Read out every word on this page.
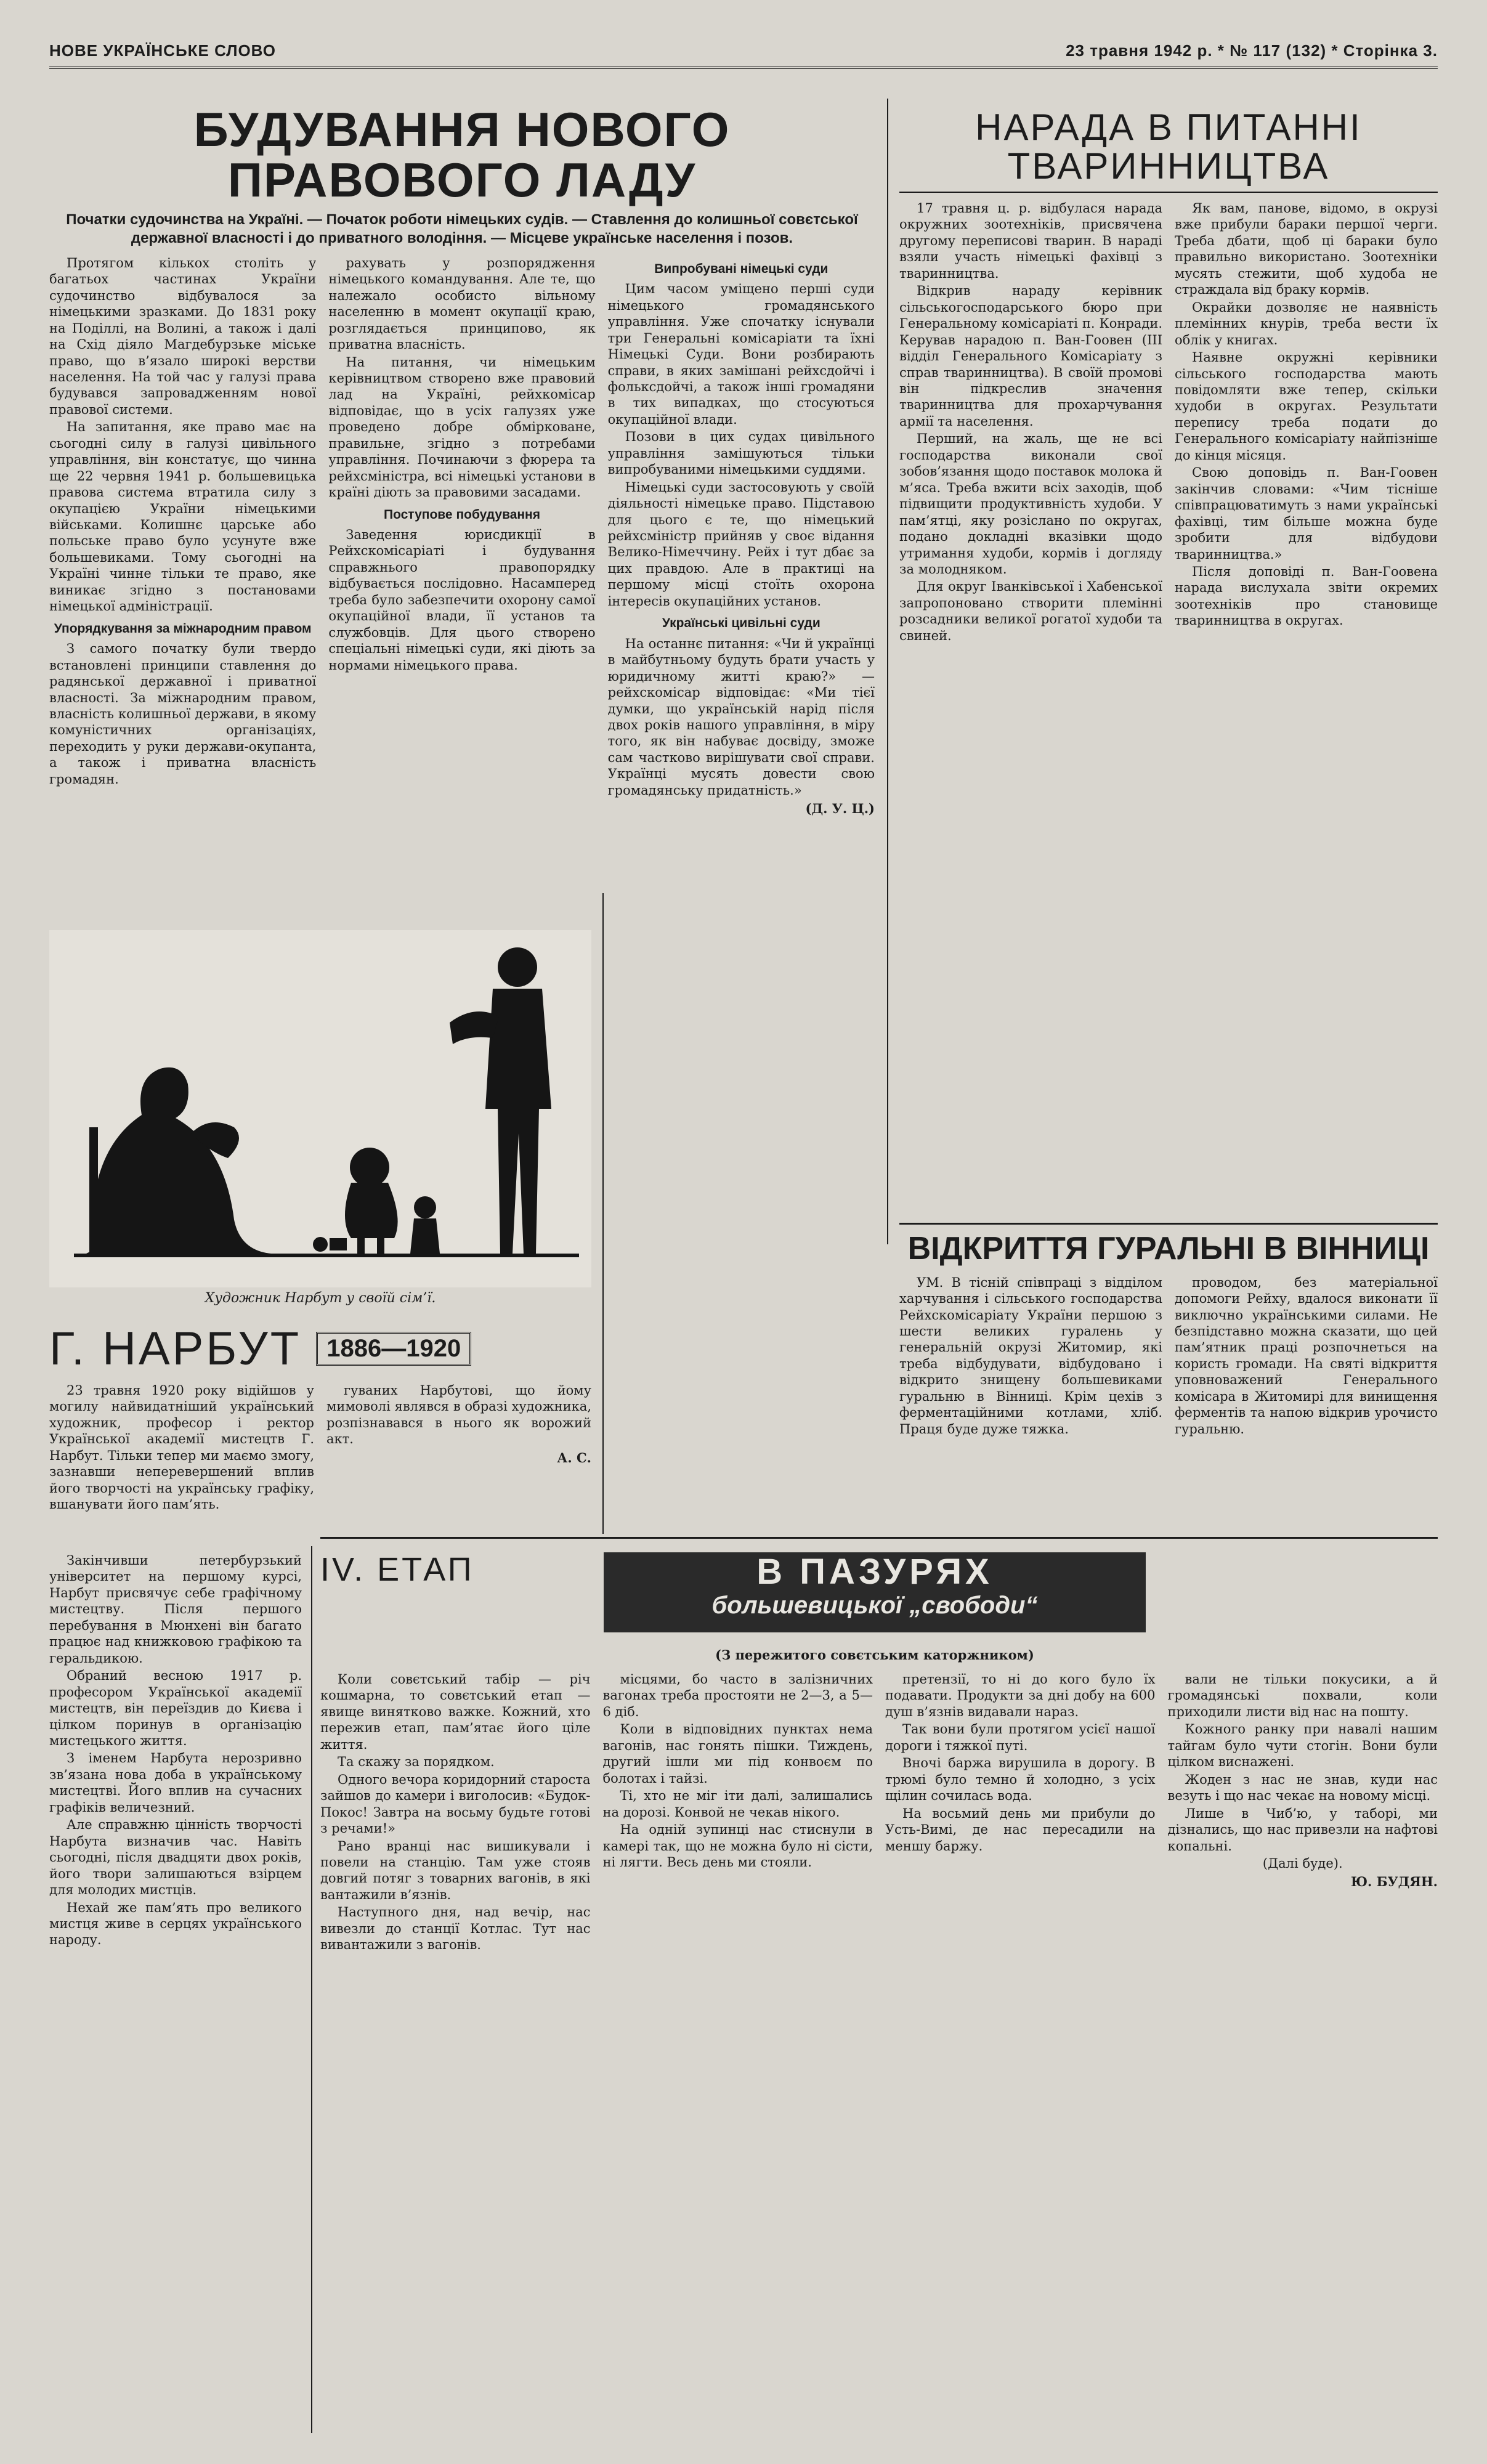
НОВЕ УКРАЇНСЬКЕ СЛОВО	23 травня 1942 р. * № 117 (132) * Сторінка 3.
БУДУВАННЯ НОВОГО ПРАВОВОГО ЛАДУ
Початки судочинства на Україні. — Початок роботи німецьких судів. — Ставлення до колишньої совєтської державної власності і до приватного володіння. — Місцеве українське населення і позов.

Протягом кількох століть у багатьох частинах України судочинство відбувалося за німецькими зразками. До 1831 року на Поділлі, на Волині, а також і далі на Схід діяло Магдебурзьке міське право, що в’язало широкі верстви населення. На той час у галузі права будувався запровадженням нової правової системи.

На запитання, яке право має на сьогодні силу в галузі цивільного управління, він констатує, що чинна ще 22 червня 1941 р. большевицька правова система втратила силу з окупацією України німецькими військами. Колишнє царське або польське право було усунуте вже большевиками. Тому сьогодні на Україні чинне тільки те право, яке виникає згідно з постановами німецької адміністрації.

Упорядкування за міжнародним правом

З самого початку були твердо встановлені принципи ставлення до радянської державної і приватної власності. За міжнародним правом, власність колишньої держави, в якому комуністичних організаціях, переходить у руки держави-окупанта, а також і приватна власність громадян.

рахувать у розпорядження німецького командування. Але те, що належало особисто вільному населенню в момент окупації краю, розглядається принципово, як приватна власність.

На питання, чи німецьким керівництвом створено вже правовий лад на Україні, рейхкомісар відповідає, що в усіх галузях уже проведено добре обмірковане, правильне, згідно з потребами управління. Починаючи з фюрера та рейхсміністра, всі німецькі установи в країні діють за правовими засадами.

Поступове побудування

Заведення юрисдикції в Рейхскомісаріаті і будування справжнього правопорядку відбувається послідовно. Насамперед треба було забезпечити охорону самої окупаційної влади, її установ та службовців. Для цього створено спеціальні німецькі суди, які діють за нормами німецького права.

Випробувані німецькі суди

Цим часом уміщено перші суди німецького громадянського управління. Уже спочатку існували три Генеральні комісаріати та їхні Німецькі Суди. Вони розбирають справи, в яких замішані рейхсдойчі і фольксдойчі, а також інші громадяни в тих випадках, що стосуються окупаційної влади.

Позови в цих судах цивільного управління замішуються тільки випробуваними німецькими суддями.

Німецькі суди застосовують у своїй діяльності німецьке право. Підставою для цього є те, що німецький рейхсміністр прийняв у своє відання Велико-Німеччину. Рейх і тут дбає за цих правдою. Але в практиці на першому місці стоїть охорона інтересів окупаційних установ.

Українські цивільні суди

На останнє питання: «Чи й українці в майбутньому будуть брати участь у юридичному житті краю?» — рейхскомісар відповідає: «Ми тієї думки, що українській нарід після двох років нашого управління, в міру того, як він набуває досвіду, зможе сам частково вирішувати свої справи. Українці мусять довести свою громадянську придатність.»

(Д. У. Ц.)
НАРАДА В ПИТАННІ ТВАРИННИЦТВА

17 травня ц. р. відбулася нарада окружних зоотехніків, присвячена другому переписові тварин. В нараді взяли участь німецькі фахівці з тваринництва.

Відкрив нараду керівник сільськогосподарського бюро при Генеральному комісаріаті п. Конради. Керував нарадою п. Ван-Гоовен (ІІІ відділ Генерального Комісаріату з справ тваринництва). В своїй промові він підкреслив значення тваринництва для прохарчування армії та населення.

Перший, на жаль, ще не всі господарства виконали свої зобов’язання щодо поставок молока й м’яса. Треба вжити всіх заходів, щоб підвищити продуктивність худоби. У пам’ятці, яку розіслано по округах, подано докладні вказівки щодо утримання худоби, кормів і догляду за молодняком.

Для округ Іванківської і Хабенської запропоновано створити племінні розсадники великої рогатої худоби та свиней.

Як вам, панове, відомо, в окрузі вже прибули бараки першої черги. Треба дбати, щоб ці бараки було правильно використано. Зоотехніки мусять стежити, щоб худоба не страждала від браку кормів.

Окрайки дозволяє не наявність племінних кнурів, треба вести їх облік у книгах.

Наявне окружні керівники сільського господарства мають повідомляти вже тепер, скільки худоби в округах. Результати перепису треба подати до Генерального комісаріату найпізніше до кінця місяця.

Свою доповідь п. Ван-Гоовен закінчив словами: «Чим тісніше співпрацюватимуть з нами українські фахівці, тим більше можна буде зробити для відбудови тваринництва.»

Після доповіді п. Ван-Гоовена нарада вислухала звіти окремих зоотехніків про становище тваринництва в округах.

ВІДКРИТТЯ ГУРАЛЬНІ В ВІННИЦІ

УМ. В тісній співпраці з відділом харчування і сільського господарства Рейхскомісаріату України першою з шести великих гуралень у генеральній окрузі Житомир, які треба відбудувати, відбудовано і відкрито знищену большевиками гуральню в Вінниці. Крім цехів з ферментаційними котлами, хліб. Праця буде дуже тяжка.

проводом, без матеріальної допомоги Рейху, вдалося виконати її виключно українськими силами. Не безпідставно можна сказати, що цей пам’ятник праці розпочнеться на користь громади. На святі відкриття уповноважений Генерального комісара в Житомирі для винищення ферментів та напою відкрив урочисто гуральню.

Художник Нарбут у своїй сім’ї.
Г. НАРБУТ	1886—1920

23 травня 1920 року відійшов у могилу найвидатніший український художник, професор і ректор Української академії мистецтв Г. Нарбут. Тільки тепер ми маємо змогу, зазнавши неперевершений вплив його творчості на українську графіку, вшанувати його пам’ять.

гуваних Нарбутові, що йому мимоволі являвся в образі художника, розпізнавався в нього як ворожий акт.

А. С.

Закінчивши петербурзький університет на першому курсі, Нарбут присвячує себе графічному мистецтву. Після першого перебування в Мюнхені він багато працює над книжковою графікою та геральдикою.

Обраний весною 1917 р. професором Української академії мистецтв, він переїздив до Києва і цілком поринув в організацію мистецького життя.

З іменем Нарбута нерозривно зв’язана нова доба в українському мистецтві. Його вплив на сучасних графіків величезний.

Але справжню цінність творчості Нарбута визначив час. Навіть сьогодні, після двадцяти двох років, його твори залишаються взірцем для молодих мистців.

Нехай же пам’ять про великого мистця живе в серцях українського народу.

IV. ЕТАП	В ПАЗУРЯХ
большевицької „свободи“
(З пережитого совєтським каторжником)

Коли совєтський табір — річ кошмарна, то совєтський етап — явище винятково важке. Кожний, хто пережив етап, пам’ятає його ціле життя.

Та скажу за порядком.

Одного вечора коридорний староста зайшов до камери і виголосив: «Будок-Покос! Завтра на восьму будьте готові з речами!»

Рано вранці нас вишикували і повели на станцію. Там уже стояв довгий потяг з товарних вагонів, в які вантажили в’язнів.

Наступного дня, над вечір, нас вивезли до станції Котлас. Тут нас вивантажили з вагонів.

місцями, бо часто в залізничних вагонах треба простояти не 2—3, а 5—6 діб.

Коли в відповідних пунктах нема вагонів, нас гонять пішки. Тиждень, другий ішли ми під конвоєм по болотах і тайзі.

Ті, хто не міг іти далі, залишались на дорозі. Конвой не чекав нікого.

На одній зупинці нас стиснули в камері так, що не можна було ні сісти, ні лягти. Весь день ми стояли.

претензії, то ні до кого було їх подавати. Продукти за дні добу на 600 душ в’язнів видавали нараз.

Так вони були протягом усієї нашої дороги і тяжкої путі.

Вночі баржа вирушила в дорогу. В трюмі було темно й холодно, з усіх щілин сочилась вода.

На восьмий день ми прибули до Усть-Вимі, де нас пересадили на меншу баржу.

вали не тільки покусики, а й громадянські похвали, коли приходили листи від нас на пошту.

Кожного ранку при навалі нашим тайгам було чути стогін. Вони були цілком виснажені.

Жоден з нас не знав, куди нас везуть і що нас чекає на новому місці.

Лише в Чиб’ю, у таборі, ми дізнались, що нас привезли на нафтові копальні.

(Далі буде).
Ю. БУДЯН.
